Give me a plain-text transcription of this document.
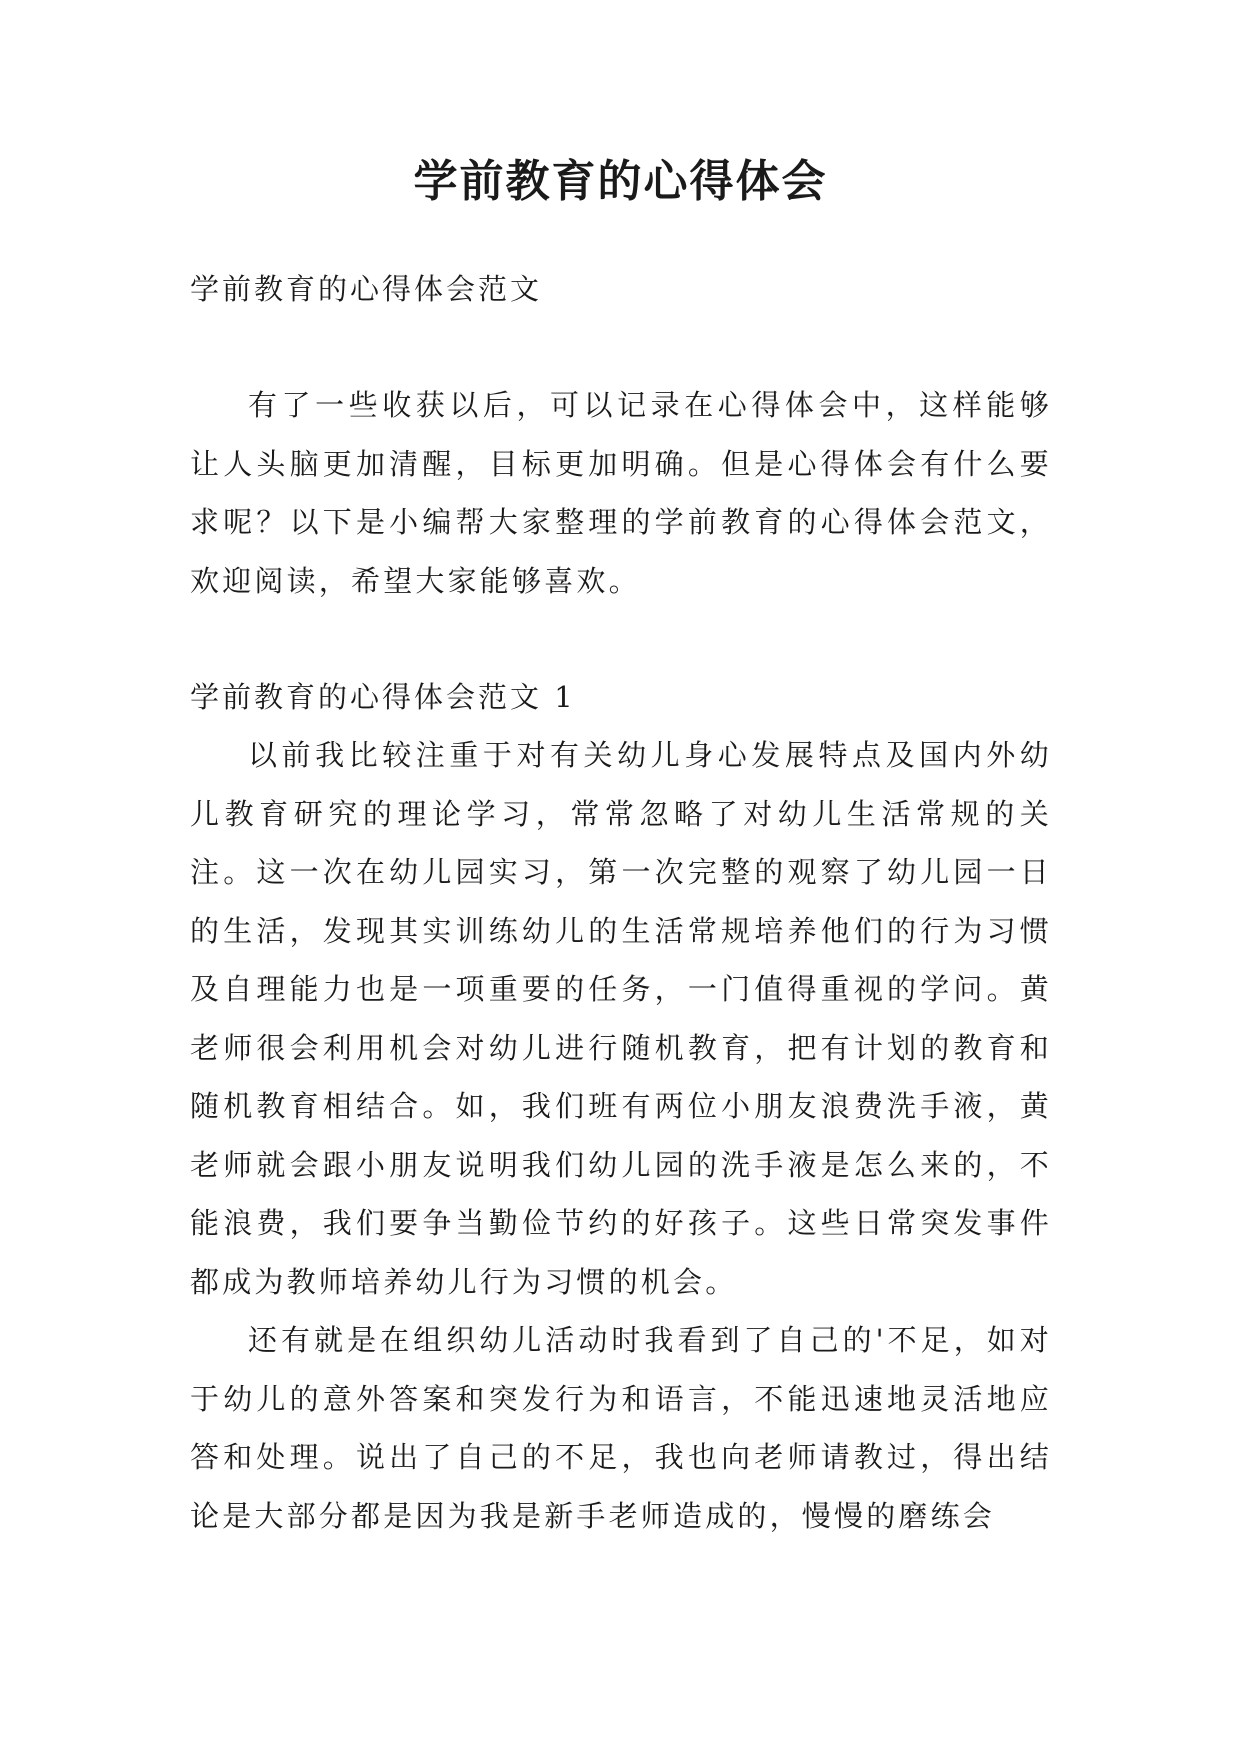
学前教育的心得体会

学前教育的心得体会范文

有了一些收获以后，可以记录在心得体会中，这样能够让人头脑更加清醒，目标更加明确。但是心得体会有什么要求呢？以下是小编帮大家整理的学前教育的心得体会范文，欢迎阅读，希望大家能够喜欢。

学前教育的心得体会范文 1

以前我比较注重于对有关幼儿身心发展特点及国内外幼儿教育研究的理论学习，常常忽略了对幼儿生活常规的关注。这一次在幼儿园实习，第一次完整的观察了幼儿园一日的生活，发现其实训练幼儿的生活常规培养他们的行为习惯及自理能力也是一项重要的任务，一门值得重视的学问。黄老师很会利用机会对幼儿进行随机教育，把有计划的教育和随机教育相结合。如，我们班有两位小朋友浪费洗手液，黄老师就会跟小朋友说明我们幼儿园的洗手液是怎么来的，不能浪费，我们要争当勤俭节约的好孩子。这些日常突发事件都成为教师培养幼儿行为习惯的机会。

还有就是在组织幼儿活动时我看到了自己的'不足，如对于幼儿的意外答案和突发行为和语言，不能迅速地灵活地应答和处理。说出了自己的不足，我也向老师请教过，得出结论是大部分都是因为我是新手老师造成的，慢慢的磨练会
